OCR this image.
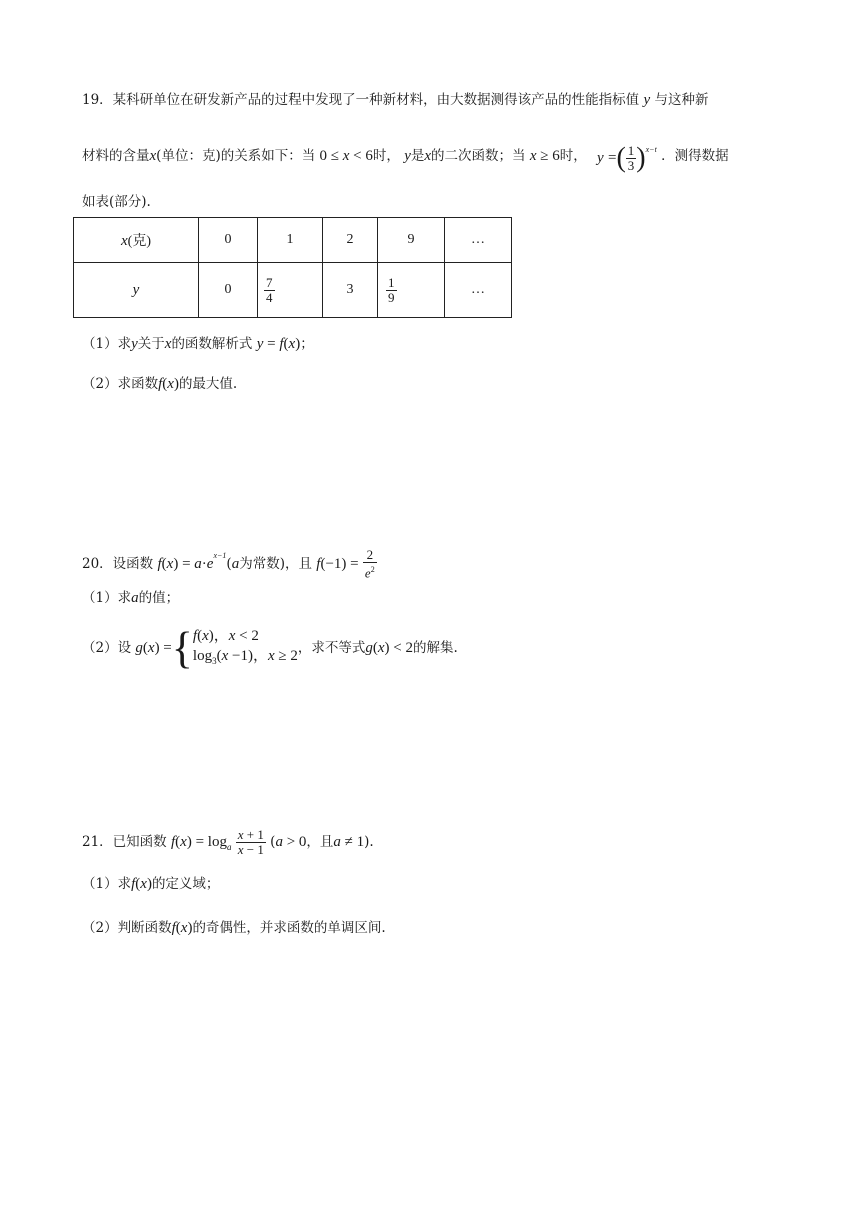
19．某科研单位在研发新产品的过程中发现了一种新材料，由大数据测得该产品的性能指标值 y 与这种新
材料的含量x(单位：克)的关系如下：当 0 ≤ x < 6时， y是x的二次函数；当 x ≥ 6时， y =( $\frac{1}{3} )^{x-t}$ ．测得数据
如表(部分).
x(克)	0	1	2	9	…
y	0	$\frac{7}{4}$	3	$\frac{1}{9}$	…
（1）求y关于x的函数解析式 y = f(x)；
（2）求函数f(x)的最大值.
20．设函数 $f(x) = a\cdot e^{x-1}(a$为常数)，且 $f(-1) = \frac{2}{e^2}$
（1）求a的值；
（2）设 g(x) ={ f(x)，x < 2
$\log_3(x -1)$，x ≥ 2 ，求不等式g(x) < 2的解集.
21．已知函数 $f(x) = \log_a \frac{x + 1}{x - 1} (a > 0$，且a ≠ 1).
（1）求f(x)的定义域；
（2）判断函数f(x)的奇偶性，并求函数的单调区间.
